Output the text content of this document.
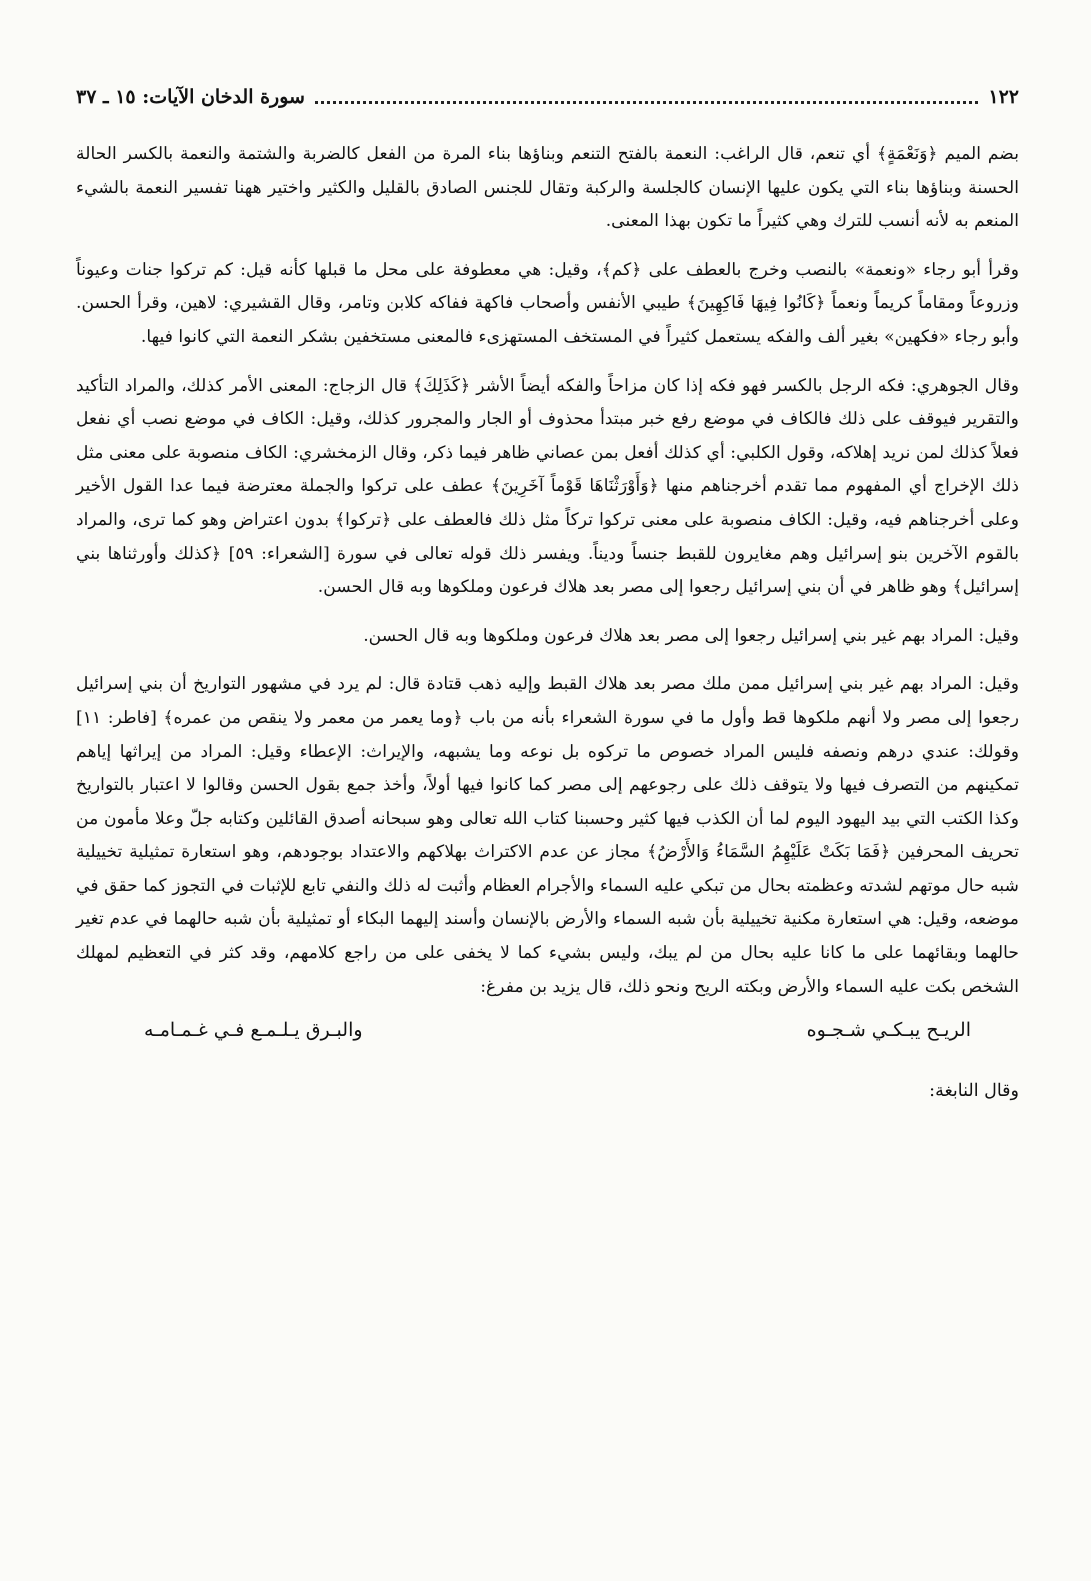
١٢٢
سورة الدخان الآيات: ١٥ ـ ٣٧

بضم الميم ﴿وَنَعْمَةٍ﴾ أي تنعم، قال الراغب: النعمة بالفتح التنعم وبناؤها بناء المرة من الفعل كالضربة والشتمة والنعمة بالكسر الحالة الحسنة وبناؤها بناء التي يكون عليها الإنسان كالجلسة والركبة وتقال للجنس الصادق بالقليل والكثير واختير ههنا تفسير النعمة بالشيء المنعم به لأنه أنسب للترك وهي كثيراً ما تكون بهذا المعنى.

وقرأ أبو رجاء «ونعمة» بالنصب وخرج بالعطف على ﴿كم﴾، وقيل: هي معطوفة على محل ما قبلها كأنه قيل: كم تركوا جنات وعيوناً وزروعاً ومقاماً كريماً ونعماً ﴿كَانُوا فِيهَا فَاكِهِينَ﴾ طيبي الأنفس وأصحاب فاكهة ففاكه كلابن وتامر، وقال القشيري: لاهين، وقرأ الحسن. وأبو رجاء «فكهين» بغير ألف والفكه يستعمل كثيراً في المستخف المستهزىء فالمعنى مستخفين بشكر النعمة التي كانوا فيها.

وقال الجوهري: فكه الرجل بالكسر فهو فكه إذا كان مزاحاً والفكه أيضاً الأشر ﴿كَذَلِكَ﴾ قال الزجاج: المعنى الأمر كذلك، والمراد التأكيد والتقرير فيوقف على ذلك فالكاف في موضع رفع خبر مبتدأ محذوف أو الجار والمجرور كذلك، وقيل: الكاف في موضع نصب أي نفعل فعلاً كذلك لمن نريد إهلاكه، وقول الكلبي: أي كذلك أفعل بمن عصاني ظاهر فيما ذكر، وقال الزمخشري: الكاف منصوبة على معنى مثل ذلك الإخراج أي المفهوم مما تقدم أخرجناهم منها ﴿وَأَوْرَثْنَاهَا قَوْماً آخَرِينَ﴾ عطف على تركوا والجملة معترضة فيما عدا القول الأخير وعلى أخرجناهم فيه، وقيل: الكاف منصوبة على معنى تركوا تركاً مثل ذلك فالعطف على ﴿تركوا﴾ بدون اعتراض وهو كما ترى، والمراد بالقوم الآخرين بنو إسرائيل وهم مغايرون للقبط جنساً وديناً. ويفسر ذلك قوله تعالى في سورة [الشعراء: ٥٩] ﴿كذلك وأورثناها بني إسرائيل﴾ وهو ظاهر في أن بني إسرائيل رجعوا إلى مصر بعد هلاك فرعون وملكوها وبه قال الحسن.

وقيل: المراد بهم غير بني إسرائيل رجعوا إلى مصر بعد هلاك فرعون وملكوها وبه قال الحسن.

وقيل: المراد بهم غير بني إسرائيل ممن ملك مصر بعد هلاك القبط وإليه ذهب قتادة قال: لم يرد في مشهور التواريخ أن بني إسرائيل رجعوا إلى مصر ولا أنهم ملكوها قط وأول ما في سورة الشعراء بأنه من باب ﴿وما يعمر من معمر ولا ينقص من عمره﴾ [فاطر: ١١] وقولك: عندي درهم ونصفه فليس المراد خصوص ما تركوه بل نوعه وما يشبهه، والإيراث: الإعطاء وقيل: المراد من إيراثها إياهم تمكينهم من التصرف فيها ولا يتوقف ذلك على رجوعهم إلى مصر كما كانوا فيها أولاً، وأخذ جمع بقول الحسن وقالوا لا اعتبار بالتواريخ وكذا الكتب التي بيد اليهود اليوم لما أن الكذب فيها كثير وحسبنا كتاب الله تعالى وهو سبحانه أصدق القائلين وكتابه جلّ وعلا مأمون من تحريف المحرفين ﴿فَمَا بَكَتْ عَلَيْهِمُ السَّمَاءُ وَالأَرْضُ﴾ مجاز عن عدم الاكتراث بهلاكهم والاعتداد بوجودهم، وهو استعارة تمثيلية تخييلية شبه حال موتهم لشدته وعظمته بحال من تبكي عليه السماء والأجرام العظام وأثبت له ذلك والنفي تابع للإثبات في التجوز كما حقق في موضعه، وقيل: هي استعارة مكنية تخييلية بأن شبه السماء والأرض بالإنسان وأسند إليهما البكاء أو تمثيلية بأن شبه حالهما في عدم تغير حالهما وبقائهما على ما كانا عليه بحال من لم يبك، وليس بشيء كما لا يخفى على من راجع كلامهم، وقد كثر في التعظيم لمهلك الشخص بكت عليه السماء والأرض وبكته الريح ونحو ذلك، قال يزيد بن مفرغ:

الريـح يبـكـي شـجـوه
والبـرق يـلـمـع فـي غـمـامـه
وقال النابغة:
